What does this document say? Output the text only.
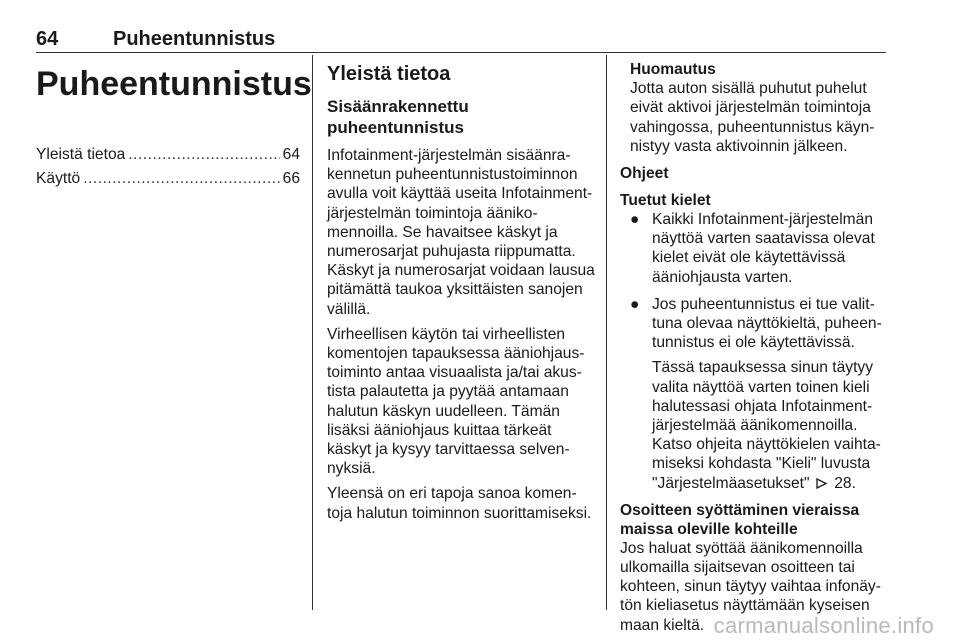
64	Puheentunnistus
Puheentunnistus
Yleistä tietoa .....	64
Käyttö .....	66
Yleistä tietoa
Sisäänrakennettu puheentunnistus

Infotainment-järjestelmän sisäänrakennetun puheentunnistustoiminnon avulla voit käyttää useita Infotainment-järjestelmän toimintoja äänikomennoilla. Se havaitsee käskyt ja numerosarjat puhujasta riippumatta. Käskyt ja numerosarjat voidaan lausua pitämättä taukoa yksittäisten sanojen välillä.

Virheellisen käytön tai virheellisten komentojen tapauksessa ääniohjaustoiminto antaa visuaalista ja/tai akustista palautetta ja pyytää antamaan halutun käskyn uudelleen. Tämän lisäksi ääniohjaus kuittaa tärkeät käskyt ja kysyy tarvittaessa selvennyksiä.

Yleensä on eri tapoja sanoa komentoja halutun toiminnon suorittamiseksi.

Huomautus
Jotta auton sisällä puhutut puhelut eivät aktivoi järjestelmän toimintoja vahingossa, puheentunnistus käynnistyy vasta aktivoinnin jälkeen.
Ohjeet
Tuetut kielet
● Kaikki Infotainment-järjestelmän näyttöä varten saatavissa olevat kielet eivät ole käytettävissä ääniohjausta varten.
● Jos puheentunnistus ei tue valittuna olevaa näyttökieltä, puheentunnistus ei ole käytettävissä.
Tässä tapauksessa sinun täytyy valita näyttöä varten toinen kieli halutessasi ohjata Infotainment-järjestelmää äänikomennoilla. Katso ohjeita näyttökielen vaihtamiseksi kohdasta "Kieli" luvusta "Järjestelmäasetukset" 28.
Osoitteen syöttäminen vieraissa maissa oleville kohteille

Jos haluat syöttää äänikomennoilla ulkomailla sijaitsevan osoitteen tai kohteen, sinun täytyy vaihtaa infonäytön kieliasetus näyttämään kyseisen maan kieltä. carmanualsonline.info
